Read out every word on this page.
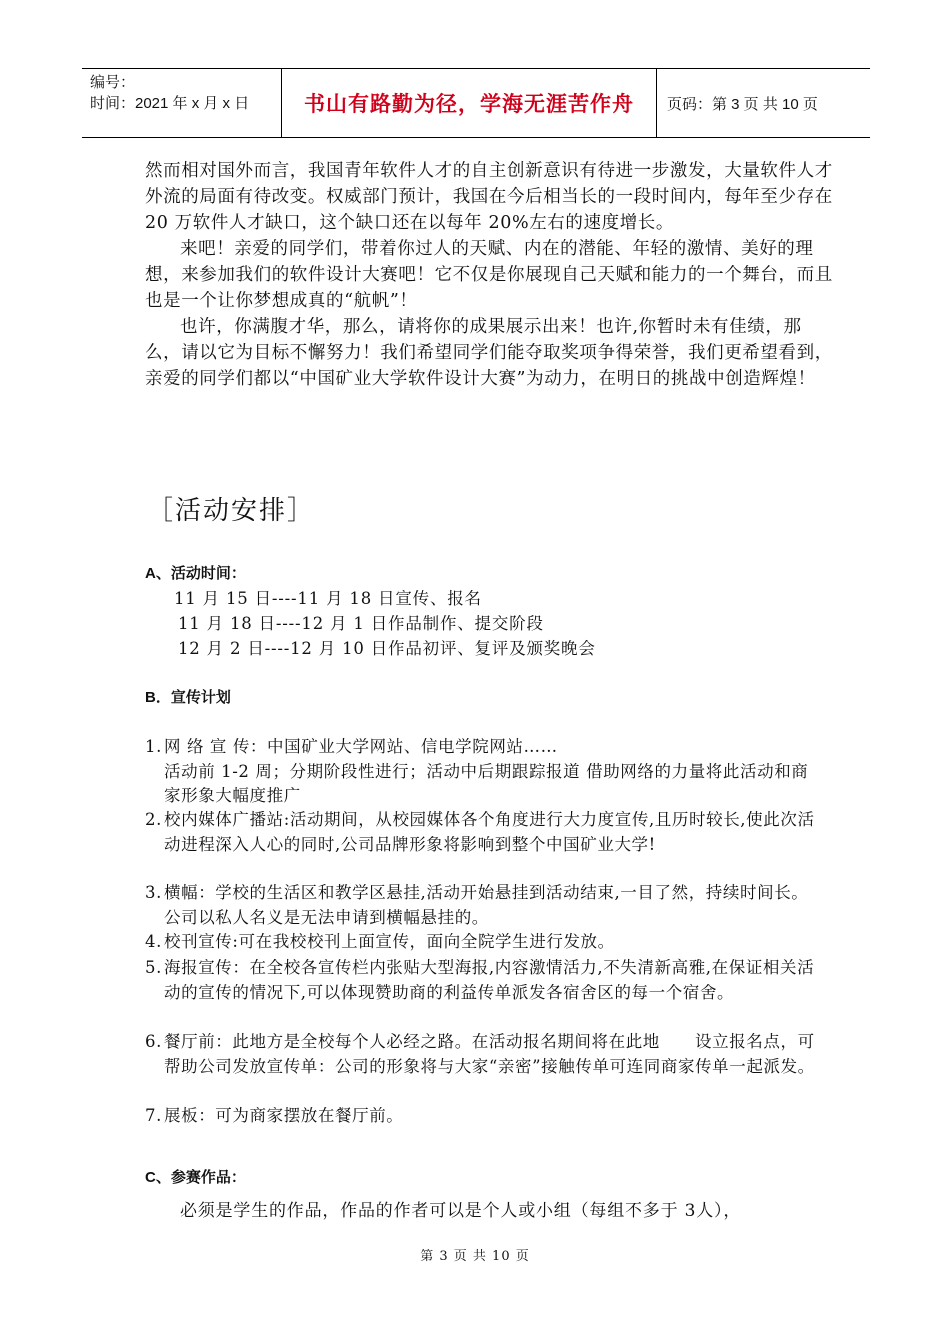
编号：
时间：2021 年 x 月 x 日	书山有路勤为径，学海无涯苦作舟	页码：第 3 页 共 10 页

然而相对国外而言，我国青年软件人才的自主创新意识有待进一步激发，大量软件人才外流的局面有待改变。权威部门预计，我国在今后相当长的一段时间内，每年至少存在 20 万软件人才缺口，这个缺口还在以每年 20%左右的速度增长。

来吧！亲爱的同学们，带着你过人的天赋、内在的潜能、年轻的激情、美好的理想，来参加我们的软件设计大赛吧！它不仅是你展现自己天赋和能力的一个舞台，而且也是一个让你梦想成真的“航帆”！

也许，你满腹才华，那么，请将你的成果展示出来！也许,你暂时未有佳绩，那么，请以它为目标不懈努力！我们希望同学们能夺取奖项争得荣誉，我们更希望看到，亲爱的同学们都以“中国矿业大学软件设计大赛”为动力，在明日的挑战中创造辉煌！

［活动安排］
A、活动时间：
11 月 15 日----11 月 18 日宣传、报名
11 月 18 日----12 月 1 日作品制作、提交阶段
12 月 2 日----12 月 10 日作品初评、复评及颁奖晚会
B．宣传计划
1. 网 络 宣 传：中国矿业大学网站、信电学院网站……
活动前 1-2 周；分期阶段性进行；活动中后期跟踪报道 借助网络的力量将此活动和商家形象大幅度推广
2. 校内媒体广播站:活动期间，从校园媒体各个角度进行大力度宣传,且历时较长,使此次活动进程深入人心的同时,公司品牌形象将影响到整个中国矿业大学!
3. 横幅：学校的生活区和教学区悬挂,活动开始悬挂到活动结束,一目了然，持续时间长。公司以私人名义是无法申请到横幅悬挂的。
4. 校刊宣传:可在我校校刊上面宣传，面向全院学生进行发放。
5. 海报宣传：在全校各宣传栏内张贴大型海报,内容激情活力,不失清新高雅,在保证相关活动的宣传的情况下,可以体现赞助商的利益传单派发各宿舍区的每一个宿舍。
6. 餐厅前：此地方是全校每个人必经之路。在活动报名期间将在此地      设立报名点，可帮助公司发放宣传单：公司的形象将与大家“亲密”接触传单可连同商家传单一起派发。
7. 展板：可为商家摆放在餐厅前。
C、参赛作品：
必须是学生的作品，作品的作者可以是个人或小组（每组不多于 3人），
第 3 页 共 10 页
